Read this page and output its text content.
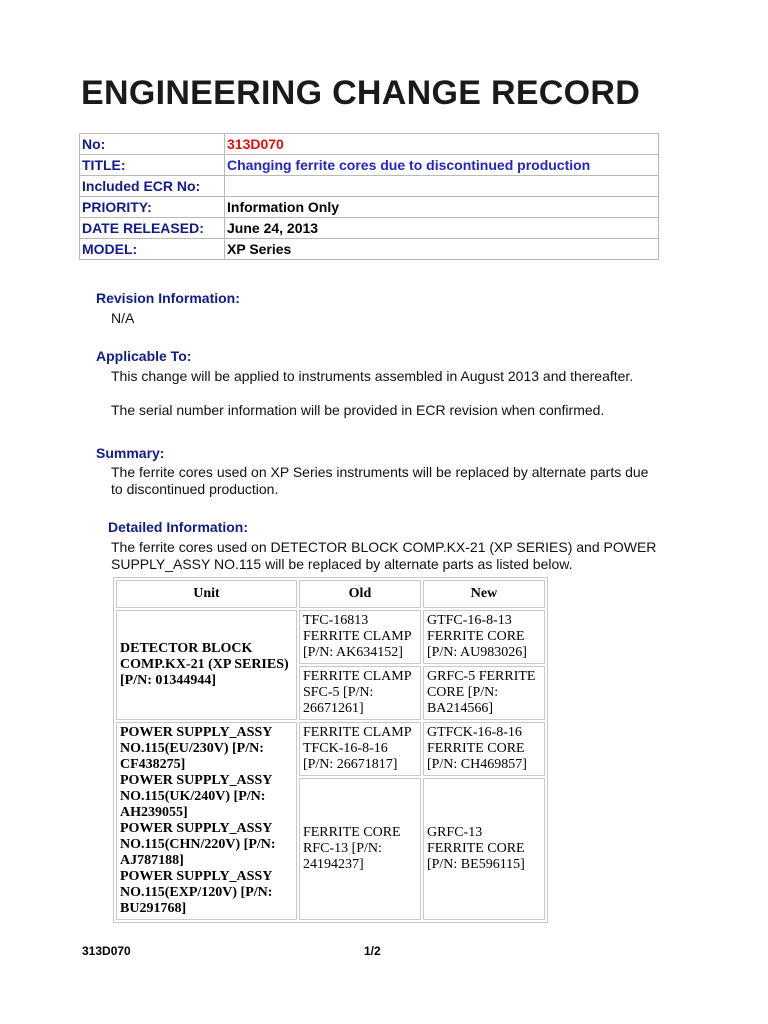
ENGINEERING CHANGE RECORD
No:	313D070
TITLE:	Changing ferrite cores due to discontinued production
Included ECR No:	
PRIORITY:	Information Only
DATE RELEASED:	June 24, 2013
MODEL:	XP Series
Revision Information:

N/A

Applicable To:

This change will be applied to instruments assembled in August 2013 and thereafter.

The serial number information will be provided in ECR revision when confirmed.

Summary:

The ferrite cores used on XP Series instruments will be replaced by alternate parts due to discontinued production.

Detailed Information:

The ferrite cores used on DETECTOR BLOCK COMP.KX-21 (XP SERIES) and POWER SUPPLY_ASSY NO.115 will be replaced by alternate parts as listed below.

Unit	Old	New
DETECTOR BLOCK COMP.KX-21 (XP SERIES) [P/N: 01344944]	TFC-16813 FERRITE CLAMP [P/N: AK634152]	GTFC-16-8-13 FERRITE CORE [P/N: AU983026]
	FERRITE CLAMP SFC-5 [P/N: 26671261]	GRFC-5 FERRITE CORE [P/N: BA214566]

POWER SUPPLY_ASSY NO.115(EU/230V) [P/N: CF438275]
POWER SUPPLY_ASSY NO.115(UK/240V) [P/N: AH239055]
POWER SUPPLY_ASSY NO.115(CHN/220V) [P/N: AJ787188]
POWER SUPPLY_ASSY NO.115(EXP/120V) [P/N: BU291768]	FERRITE CLAMP TFCK-16-8-16 [P/N: 26671817]	GTFCK-16-8-16 FERRITE CORE [P/N: CH469857]
	FERRITE CORE RFC-13 [P/N: 24194237]	GRFC-13 FERRITE CORE [P/N: BE596115]

313D070	1/2
